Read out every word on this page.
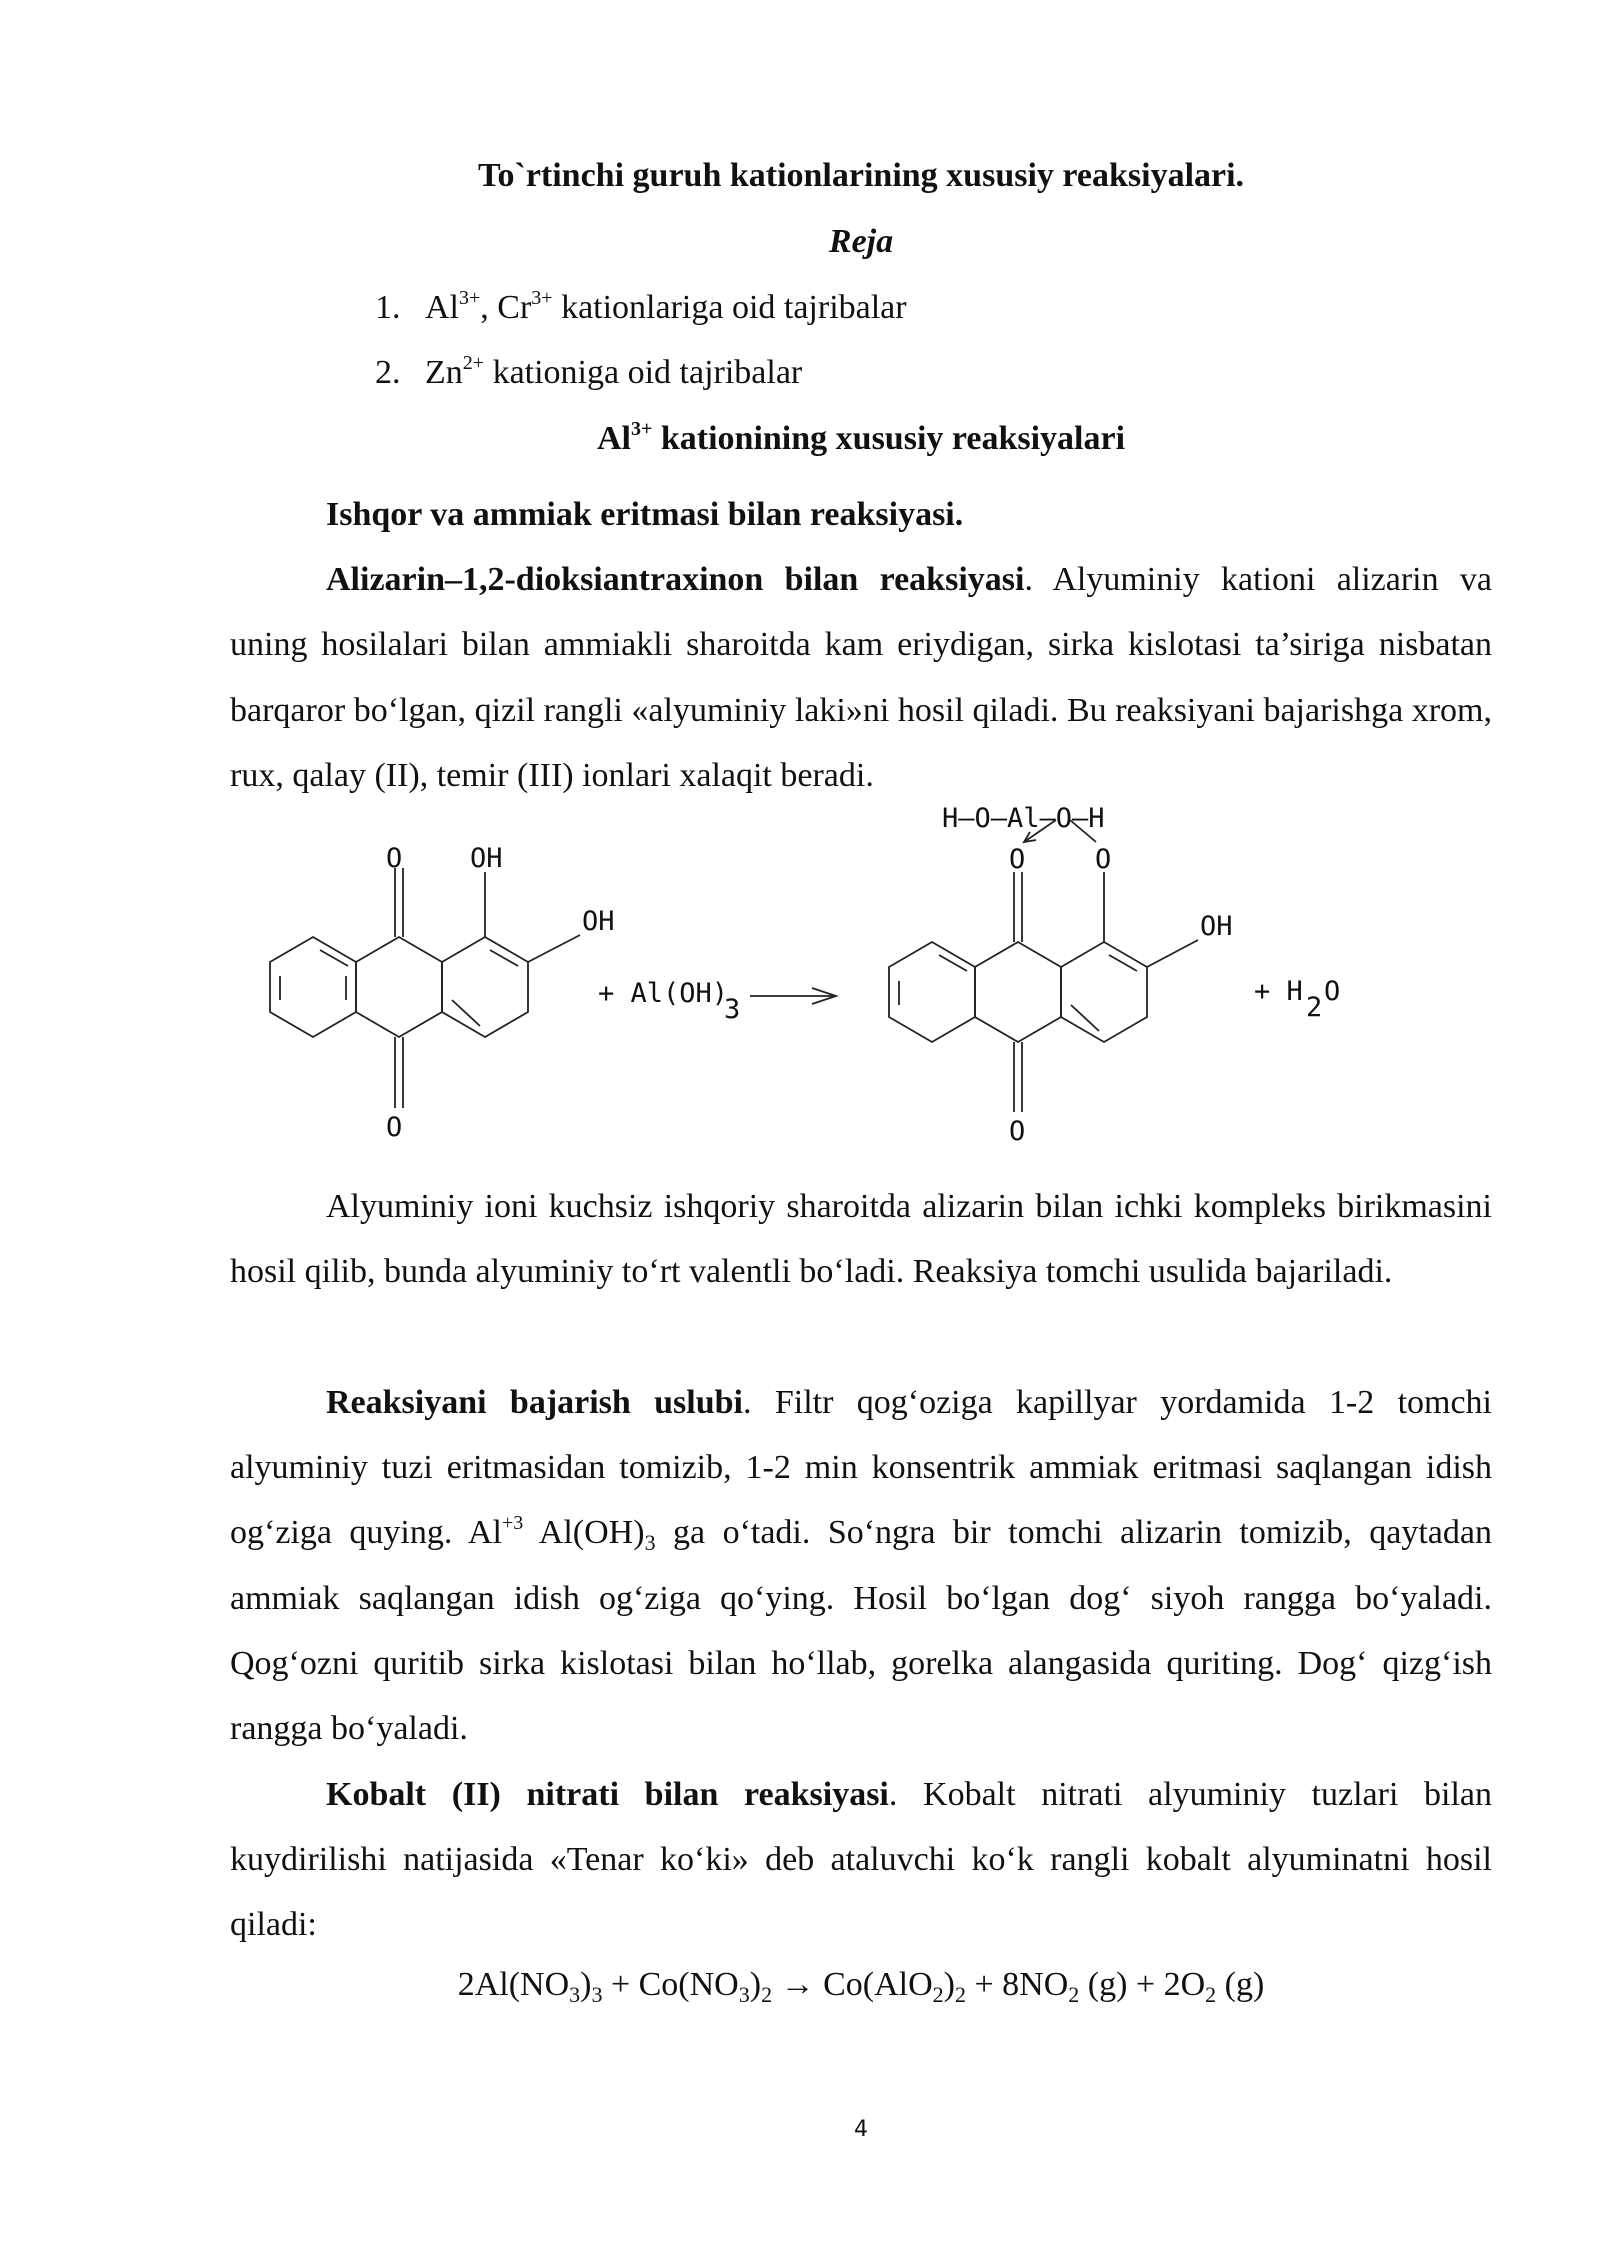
To`rtinchi guruh kationlarining xususiy reaksiyalari.
Reja
1. $Al^{3+}$, $Cr^{3+}$ kationlariga oid tajribalar
2. $Zn^{2+}$ kationiga oid tajribalar
$Al^{3+}$ kationining xususiy reaksiyalari

Ishqor va ammiak eritmasi bilan reaksiyasi.

Alizarin–1,2-dioksiantraxinon bilan reaksiyasi. Alyuminiy kationi alizarin va uning hosilalari bilan ammiakli sharoitda kam eriydigan, sirka kislotasi ta’siriga nisbatan barqaror bo‘lgan, qizil rangli «alyuminiy laki»ni hosil qiladi. Bu reaksiyani bajarishga xrom, rux, qalay (II), temir (III) ionlari xalaqit beradi.

O	OH
OH
O
+ Al(OH)
3
H—O—Al—O—H
O	O
OH
O
+ H
2
O

Alyuminiy ioni kuchsiz ishqoriy sharoitda alizarin bilan ichki kompleks birikmasini hosil qilib, bunda alyuminiy to‘rt valentli bo‘ladi. Reaksiya tomchi usulida bajariladi.

Reaksiyani bajarish uslubi. Filtr qog‘oziga kapillyar yordamida 1-2 tomchi alyuminiy tuzi eritmasidan tomizib, 1-2 min konsentrik ammiak eritmasi saqlangan idish og‘ziga quying. $Al^{+3}$ $Al(OH)_3$ ga o‘tadi. So‘ngra bir tomchi alizarin tomizib, qaytadan ammiak saqlangan idish og‘ziga qo‘ying. Hosil bo‘lgan dog‘ siyoh rangga bo‘yaladi. Qog‘ozni quritib sirka kislotasi bilan ho‘llab, gorelka alangasida quriting. Dog‘ qizg‘ish rangga bo‘yaladi.

Kobalt (II) nitrati bilan reaksiyasi. Kobalt nitrati alyuminiy tuzlari bilan kuydirilishi natijasida «Tenar ko‘ki» deb ataluvchi ko‘k rangli kobalt alyuminatni hosil qiladi:

$2Al(NO_3)_3 + Co(NO_3)_2 \to Co(AlO_2)_2 + 8NO_2$ $(g) + 2O_2$ (g)
4
